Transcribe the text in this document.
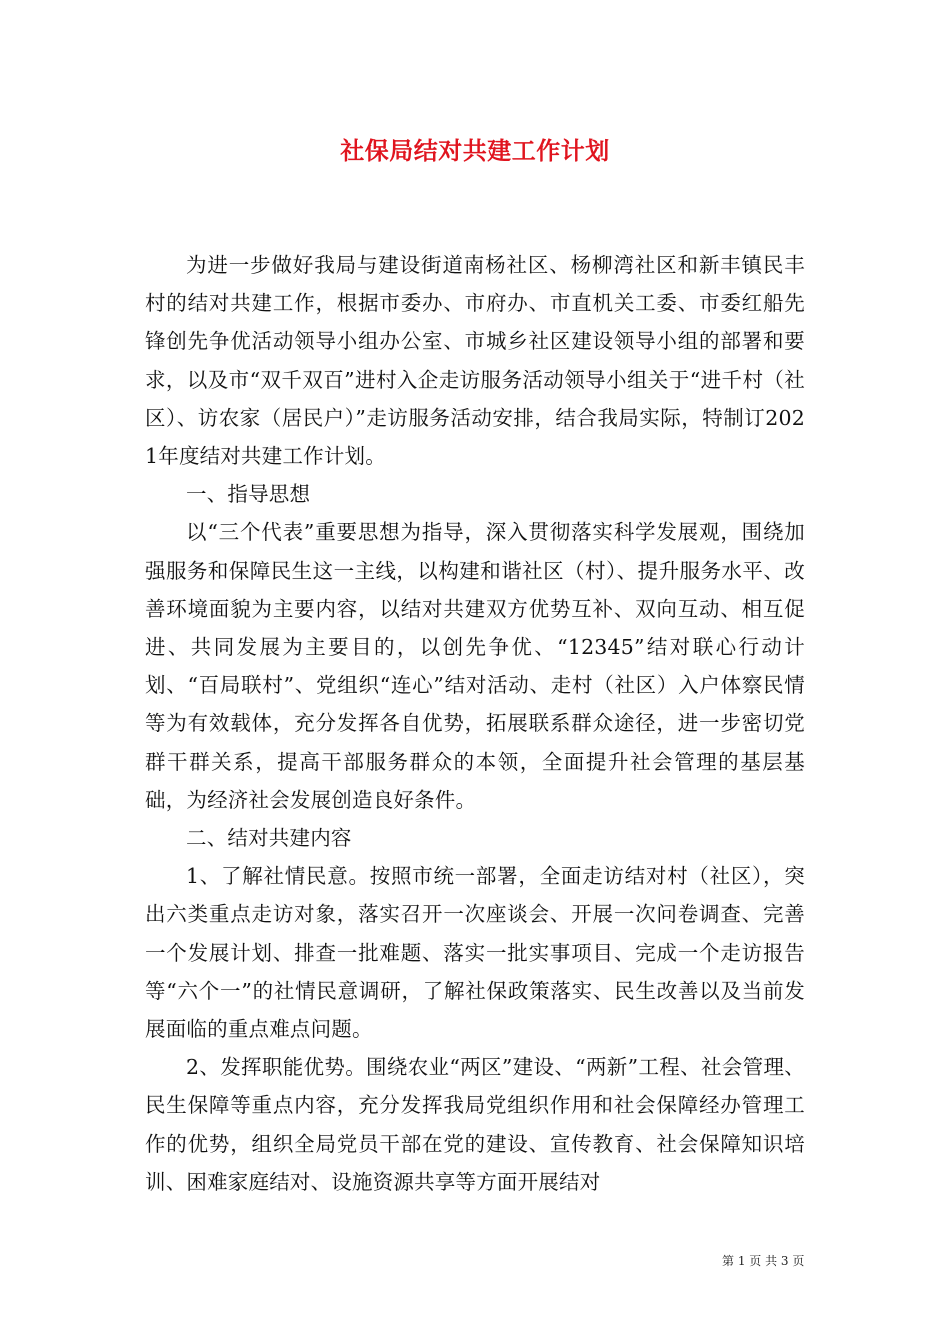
社保局结对共建工作计划

为进一步做好我局与建设街道南杨社区、杨柳湾社区和新丰镇民丰村的结对共建工作，根据市委办、市府办、市直机关工委、市委红船先锋创先争优活动领导小组办公室、市城乡社区建设领导小组的部署和要求，以及市“双千双百”进村入企走访服务活动领导小组关于“进千村（社区）、访农家（居民户）”走访服务活动安排，结合我局实际，特制订2021年度结对共建工作计划。

一、指导思想

以“三个代表”重要思想为指导，深入贯彻落实科学发展观，围绕加强服务和保障民生这一主线，以构建和谐社区（村）、提升服务水平、改善环境面貌为主要内容，以结对共建双方优势互补、双向互动、相互促进、共同发展为主要目的，以创先争优、“12345”结对联心行动计划、“百局联村”、党组织“连心”结对活动、走村（社区）入户体察民情等为有效载体，充分发挥各自优势，拓展联系群众途径，进一步密切党群干群关系，提高干部服务群众的本领，全面提升社会管理的基层基础，为经济社会发展创造良好条件。

二、结对共建内容

1、了解社情民意。按照市统一部署，全面走访结对村（社区），突出六类重点走访对象，落实召开一次座谈会、开展一次问卷调查、完善一个发展计划、排查一批难题、落实一批实事项目、完成一个走访报告等“六个一”的社情民意调研，了解社保政策落实、民生改善以及当前发展面临的重点难点问题。

2、发挥职能优势。围绕农业“两区”建设、“两新”工程、社会管理、民生保障等重点内容，充分发挥我局党组织作用和社会保障经办管理工作的优势，组织全局党员干部在党的建设、宣传教育、社会保障知识培训、困难家庭结对、设施资源共享等方面开展结对

第 1 页 共 3 页
